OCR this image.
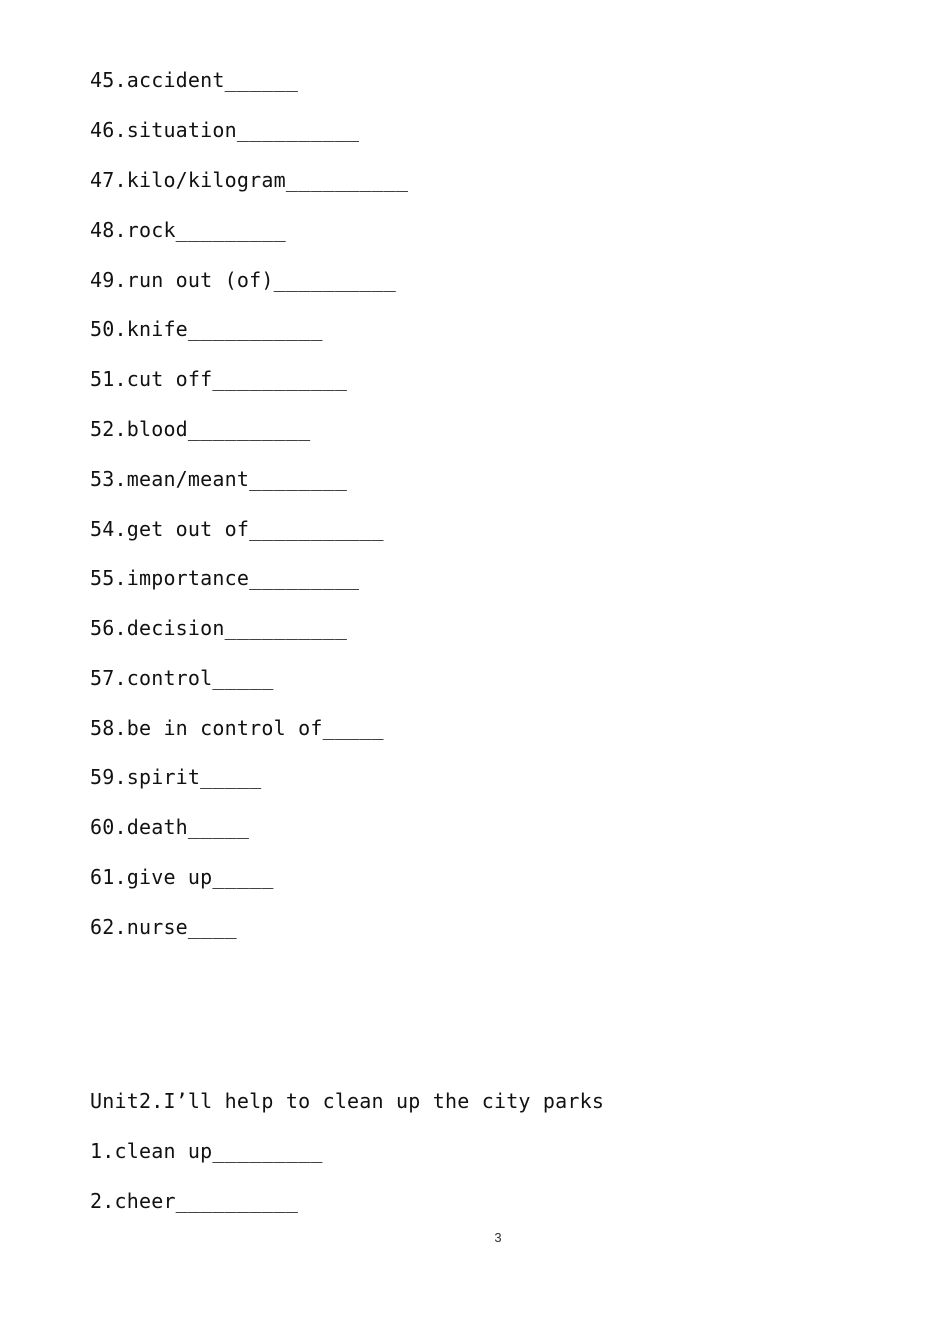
45.accident______
46.situation__________
47.kilo/kilogram__________
48.rock_________
49.run out (of)__________
50.knife___________
51.cut off___________
52.blood__________
53.mean/meant________
54.get out of___________
55.importance_________
56.decision__________
57.control_____
58.be in control of_____
59.spirit_____
60.death_____
61.give up_____
62.nurse____
Unit2.I’ll help to clean up the city parks
1.clean up_________
2.cheer__________
3
